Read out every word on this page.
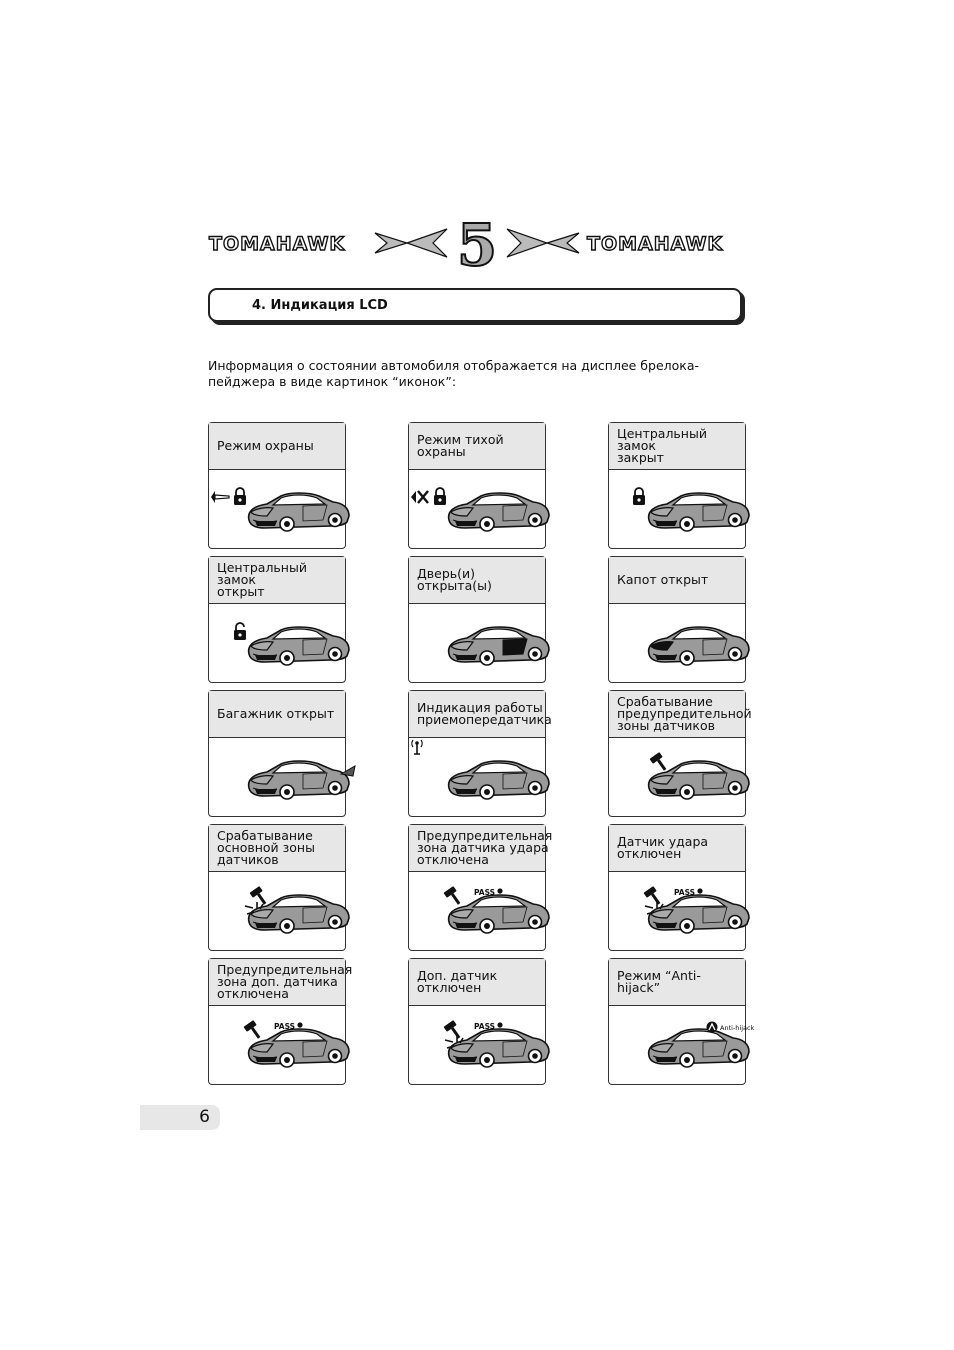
TOMAHAWK 5	TOMAHAWK
4. Индикация LCD
Информация о состоянии автомобиля отображается на дисплее брелока-пейджера в виде картинок “иконок”:
Режим охраны	Режим тихой охраны
Центральный замок
закрыт
Центральный замок
открыт
Дверь(и) открыта(ы)	Капот открыт
Багажник открыт	Индикация работы
приемопередатчика
Срабатывание
предупредительной
зоны датчиков
Срабатывание
основной зоны
датчиков
Предупредительная
зона датчика удара
отключена
PASS
Датчик удара
отключен
PASS
Предупредительная
зона доп. датчика
отключена
PASS
Доп. датчик отключен
PASS
Режим “Anti-hijack”
Anti-hijack
6
